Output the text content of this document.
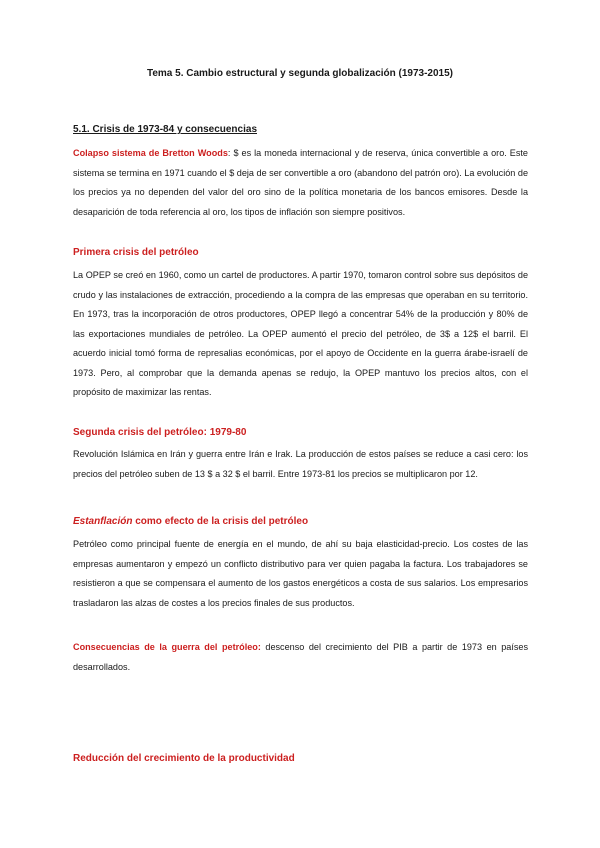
Tema 5. Cambio estructural y segunda globalización (1973-2015)
5.1. Crisis de 1973-84 y consecuencias
Colapso sistema de Bretton Woods: $ es la moneda internacional y de reserva, única convertible a oro. Este sistema se termina en 1971 cuando el $ deja de ser convertible a oro (abandono del patrón oro). La evolución de los precios ya no dependen del valor del oro sino de la política monetaria de los bancos emisores. Desde la desaparición de toda referencia al oro, los tipos de inflación son siempre positivos.
Primera crisis del petróleo
La OPEP se creó en 1960, como un cartel de productores. A partir 1970, tomaron control sobre sus depósitos de crudo y las instalaciones de extracción, procediendo a la compra de las empresas que operaban en su territorio. En 1973, tras la incorporación de otros productores, OPEP llegó a concentrar 54% de la producción y 80% de las exportaciones mundiales de petróleo. La OPEP aumentó el precio del petróleo, de 3$ a 12$ el barril. El acuerdo inicial tomó forma de represalias económicas, por el apoyo de Occidente en la guerra árabe-israelí de 1973. Pero, al comprobar que la demanda apenas se redujo, la OPEP mantuvo los precios altos, con el propósito de maximizar las rentas.
Segunda crisis del petróleo: 1979-80
Revolución Islámica en Irán y guerra entre Irán e Irak. La producción de estos países se reduce a casi cero: los precios del petróleo suben de 13 $ a 32 $ el barril. Entre 1973-81 los precios se multiplicaron por 12.
Estanflación como efecto de la crisis del petróleo
Petróleo como principal fuente de energía en el mundo, de ahí su baja elasticidad-precio. Los costes de las empresas aumentaron y empezó un conflicto distributivo para ver quien pagaba la factura. Los trabajadores se resistieron a que se compensara el aumento de los gastos energéticos a costa de sus salarios. Los empresarios trasladaron las alzas de costes a los precios finales de sus productos.
Consecuencias de la guerra del petróleo: descenso del crecimiento del PIB a partir de 1973 en países desarrollados.
Reducción del crecimiento de la productividad
